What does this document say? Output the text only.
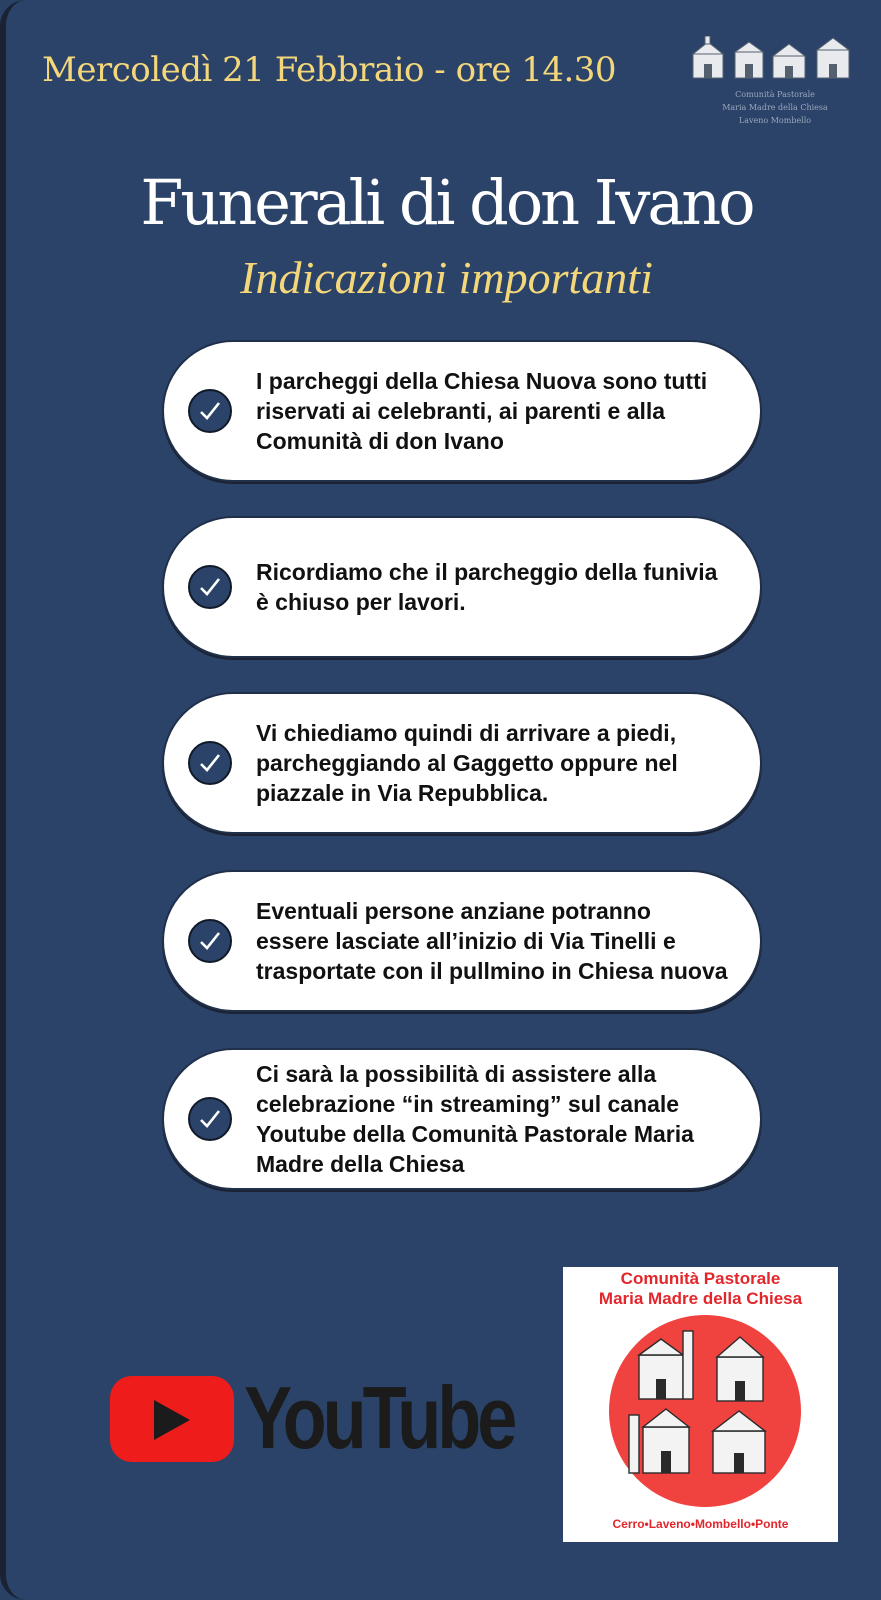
Mercoledì 21 Febbraio - ore 14.30
Comunità Pastorale
Maria Madre della Chiesa
Laveno Mombello
Funerali di don Ivano
Indicazioni importanti
I parcheggi della Chiesa Nuova sono tutti riservati ai celebranti, ai parenti e alla Comunità di don Ivano
Ricordiamo che il parcheggio della funivia è chiuso per lavori.
Vi chiediamo quindi di arrivare a piedi, parcheggiando al Gaggetto oppure nel piazzale in Via Repubblica.
Eventuali persone anziane potranno essere lasciate all’inizio di Via Tinelli e trasportate con il pullmino in Chiesa nuova
Ci sarà la possibilità di assistere alla celebrazione “in streaming” sul canale Youtube della Comunità Pastorale Maria Madre della Chiesa
YouTube
Comunità Pastorale
Maria Madre della Chiesa
Cerro•Laveno•Mombello•Ponte
